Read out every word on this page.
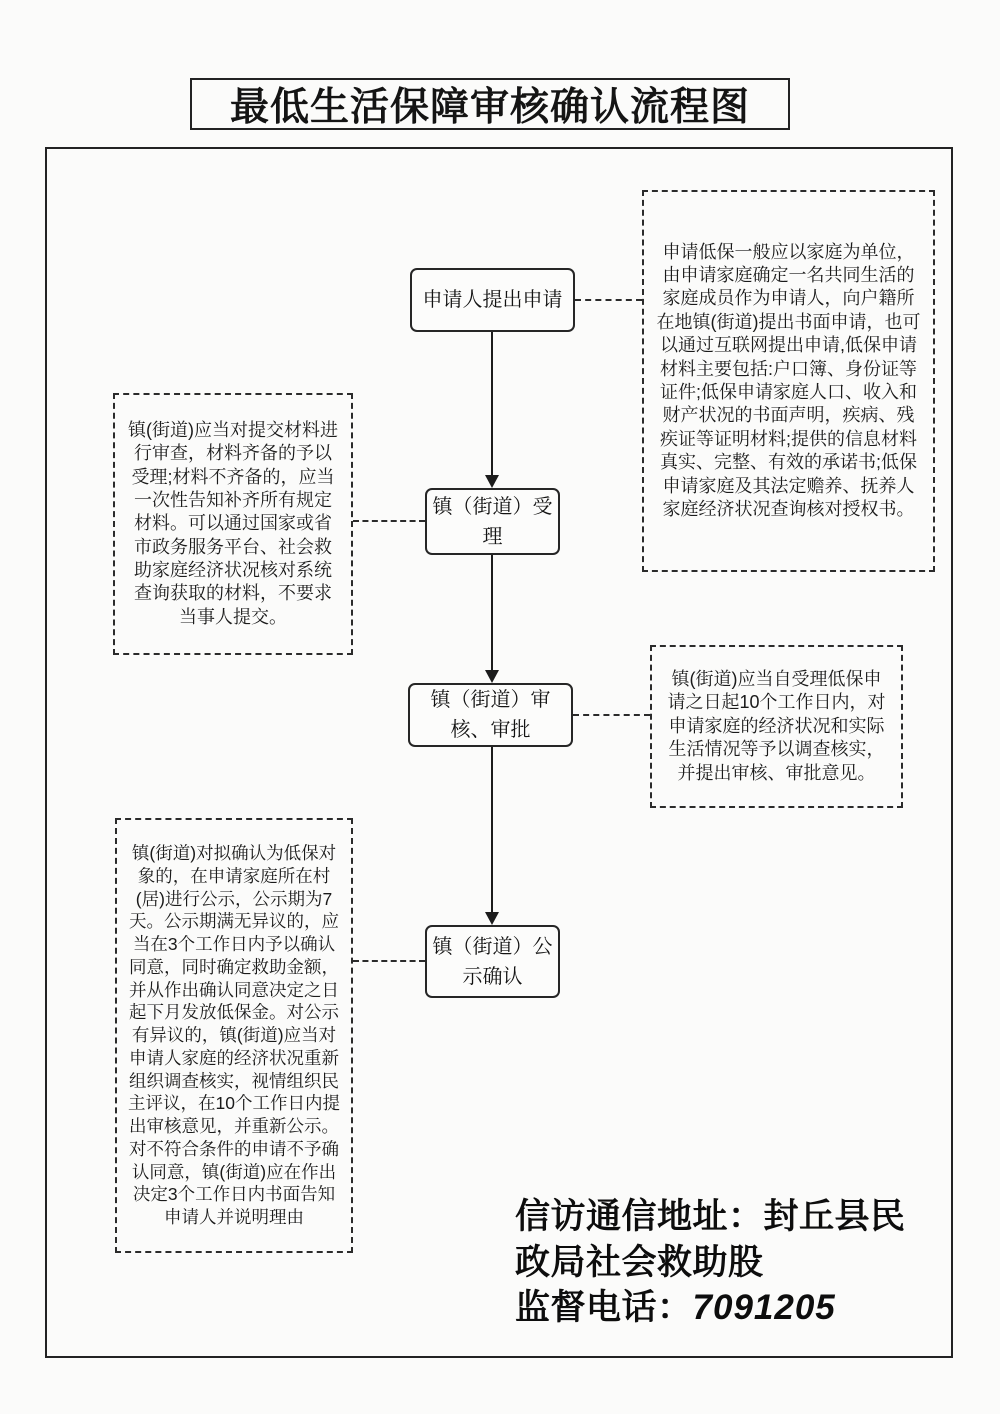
最低生活保障审核确认流程图
申请人提出申请
镇（街道）受理
镇（街道）审核、审批
镇（街道）公示确认
申请低保一般应以家庭为单位，由申请家庭确定一名共同生活的家庭成员作为申请人，向户籍所在地镇(街道)提出书面申请，也可以通过互联网提出申请,低保申请材料主要包括:户口簿、身份证等证件;低保申请家庭人口、收入和财产状况的书面声明，疾病、残疾证等证明材料;提供的信息材料真实、完整、有效的承诺书;低保申请家庭及其法定赡养、抚养人家庭经济状况查询核对授权书。
镇(街道)应当对提交材料进行审查，材料齐备的予以受理;材料不齐备的，应当一次性告知补齐所有规定材料。可以通过国家或省市政务服务平台、社会救助家庭经济状况核对系统查询获取的材料，不要求当事人提交。
镇(街道)应当自受理低保申请之日起10个工作日内，对申请家庭的经济状况和实际生活情况等予以调查核实，并提出审核、审批意见。
镇(街道)对拟确认为低保对象的，在申请家庭所在村(居)进行公示，公示期为7天。公示期满无异议的，应当在3个工作日内予以确认同意，同时确定救助金额，并从作出确认同意决定之日起下月发放低保金。对公示有异议的，镇(街道)应当对申请人家庭的经济状况重新组织调查核实，视情组织民主评议，在10个工作日内提出审核意见，并重新公示。对不符合条件的申请不予确认同意，镇(街道)应在作出决定3个工作日内书面告知申请人并说明理由	信访通信地址：封丘县民政局社会救助股
监督电话：7091205
